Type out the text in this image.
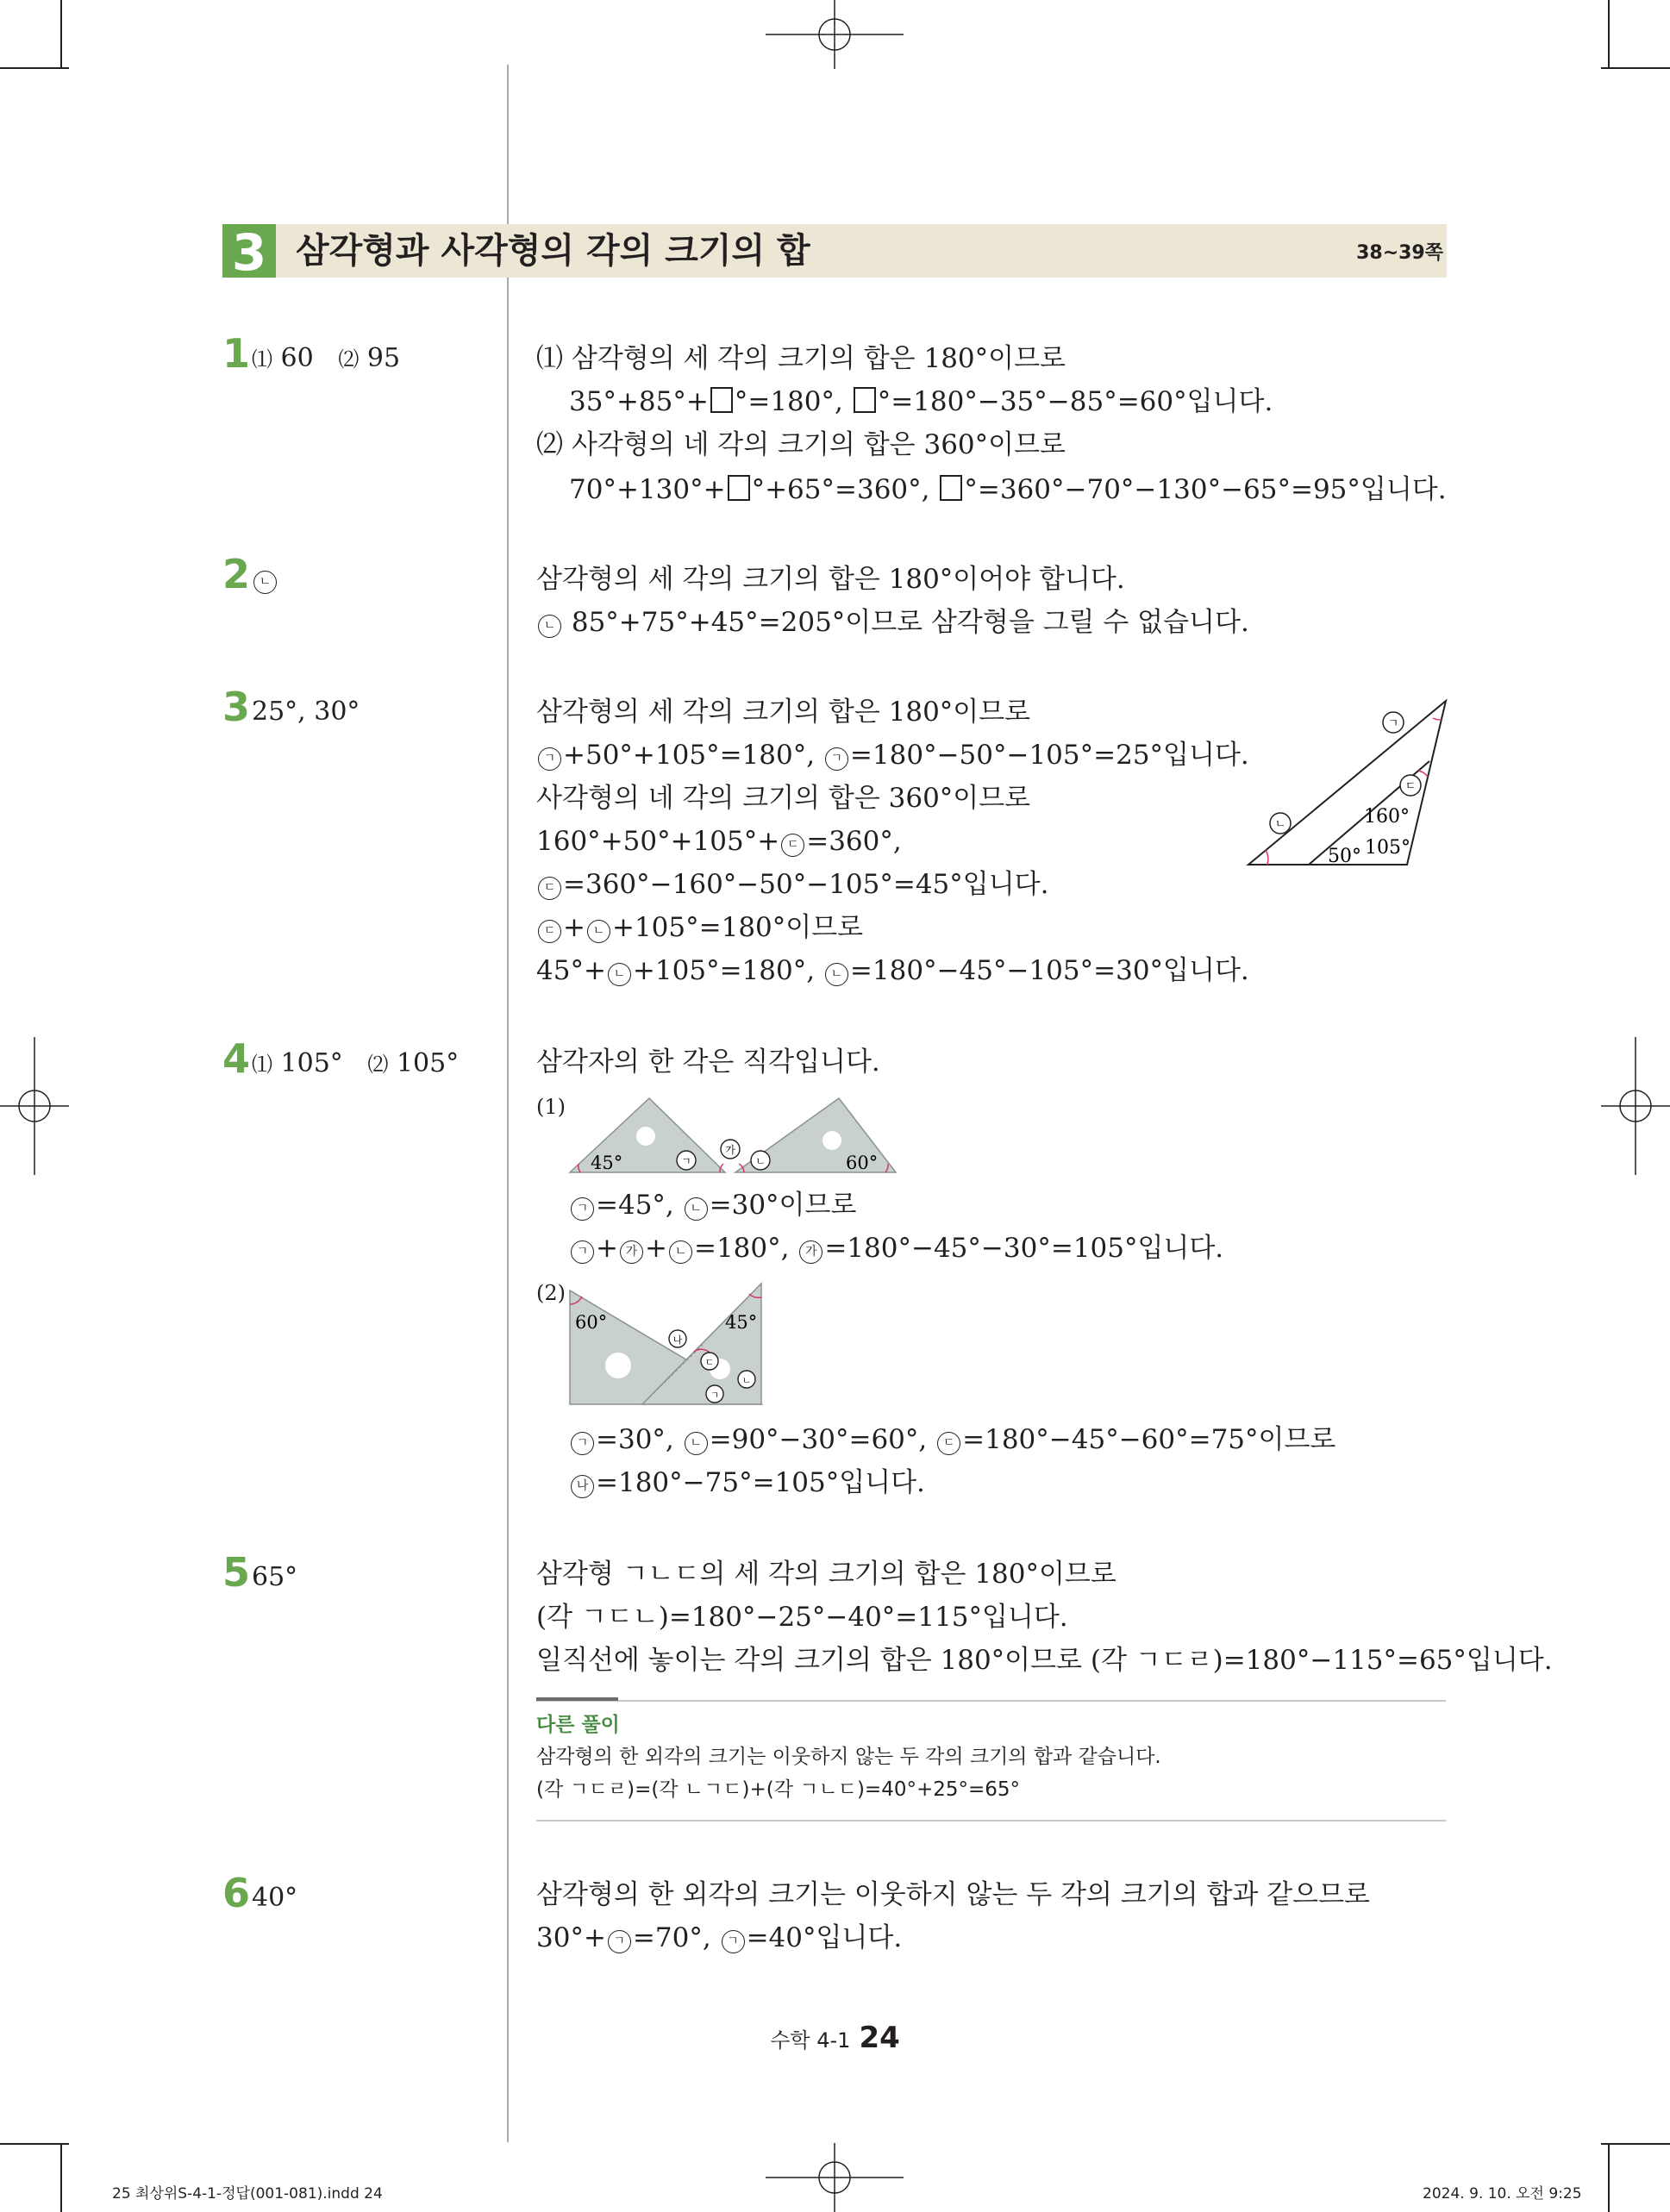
3 삼각형과 사각형의 각의 크기의 합	38~39쪽
1 ⑴ 60 ⑵ 95	⑴ 삼각형의 세 각의 크기의 합은 180°이므로
35°+85°+ °=180°, °=180°−35°−85°=60°입니다.
⑵ 사각형의 네 각의 크기의 합은 360°이므로
70°+130°+ °+65°=360°, °=360°−70°−130°−65°=95°입니다.
2 ㄴ	삼각형의 세 각의 크기의 합은 180°이어야 합니다.
ㄴ 85°+75°+45°=205°이므로 삼각형을 그릴 수 없습니다.
3 25°, 30°	삼각형의 세 각의 크기의 합은 180°이므로
ㄱ +50°+105°=180°, ㄱ =180°−50°−105°=25°입니다.
사각형의 네 각의 크기의 합은 360°이므로
160°+50°+105°+ ㄷ =360°,
ㄷ =360°−160°−50°−105°=45°입니다.
ㄷ + ㄴ +105°=180°이므로
45°+ ㄴ +105°=180°, ㄴ =180°−45°−105°=30°입니다.
ㄱ
ㄴ
ㄷ
160°
50° 105°
4 ⑴ 105° ⑵ 105°	삼각자의 한 각은 직각입니다.
(1)
45°	60°
ㄱ
가
ㄴ
ㄱ =45°, ㄴ =30°이므로
ㄱ + 가 + ㄴ =180°, 가 =180°−45°−30°=105°입니다.
(2)
60°	45°
나
ㄷ
ㄴ
ㄱ
ㄱ =30°, ㄴ =90°−30°=60°, ㄷ =180°−45°−60°=75°이므로
나 =180°−75°=105°입니다.
5 65°	삼각형 ㄱㄴㄷ의 세 각의 크기의 합은 180°이므로
(각 ㄱㄷㄴ)=180°−25°−40°=115°입니다.
일직선에 놓이는 각의 크기의 합은 180°이므로 (각 ㄱㄷㄹ)=180°−115°=65°입니다.
다른 풀이
삼각형의 한 외각의 크기는 이웃하지 않는 두 각의 크기의 합과 같습니다.
(각 ㄱㄷㄹ)=(각 ㄴㄱㄷ)+(각 ㄱㄴㄷ)=40°+25°=65°
6 40°	삼각형의 한 외각의 크기는 이웃하지 않는 두 각의 크기의 합과 같으므로
30°+ ㄱ =70°, ㄱ =40°입니다.
수학 4-1 24
25 최상위S-4-1-정답(001-081).indd 24	2024. 9. 10. 오전 9:25
